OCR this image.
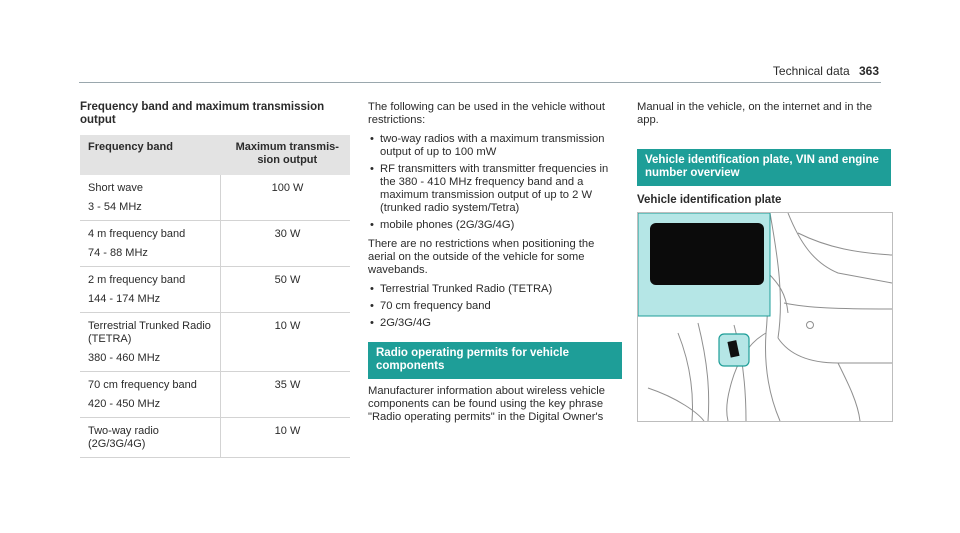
Technical data 363
Frequency band and maximum transmission output
Frequency band	Maximum transmis-sion output

Short wave
3 - 54 MHz	100 W

4 m frequency band
74 - 88 MHz	30 W

2 m frequency band
144 - 174 MHz	50 W

Terrestrial Trunked Radio (TETRA)
380 - 460 MHz	10 W

70 cm frequency band
420 - 450 MHz	35 W

Two-way radio (2G/3G/4G)	10 W

The following can be used in the vehicle without restrictions:

• two-way radios with a maximum transmission output of up to 100 mW
• RF transmitters with transmitter frequencies in the 380 - 410 MHz frequency band and a maximum transmission output of up to 2 W (trunked radio system/Tetra)
• mobile phones (2G/3G/4G)

There are no restrictions when positioning the aerial on the outside of the vehicle for some wavebands.

• Terrestrial Trunked Radio (TETRA)
• 70 cm frequency band
• 2G/3G/4G
Radio operating permits for vehicle components

Manufacturer information about wireless vehicle components can be found using the key phrase "Radio operating permits" in the Digital Owner's

Manual in the vehicle, on the internet and in the app.

Vehicle identification plate, VIN and engine number overview
Vehicle identification plate
